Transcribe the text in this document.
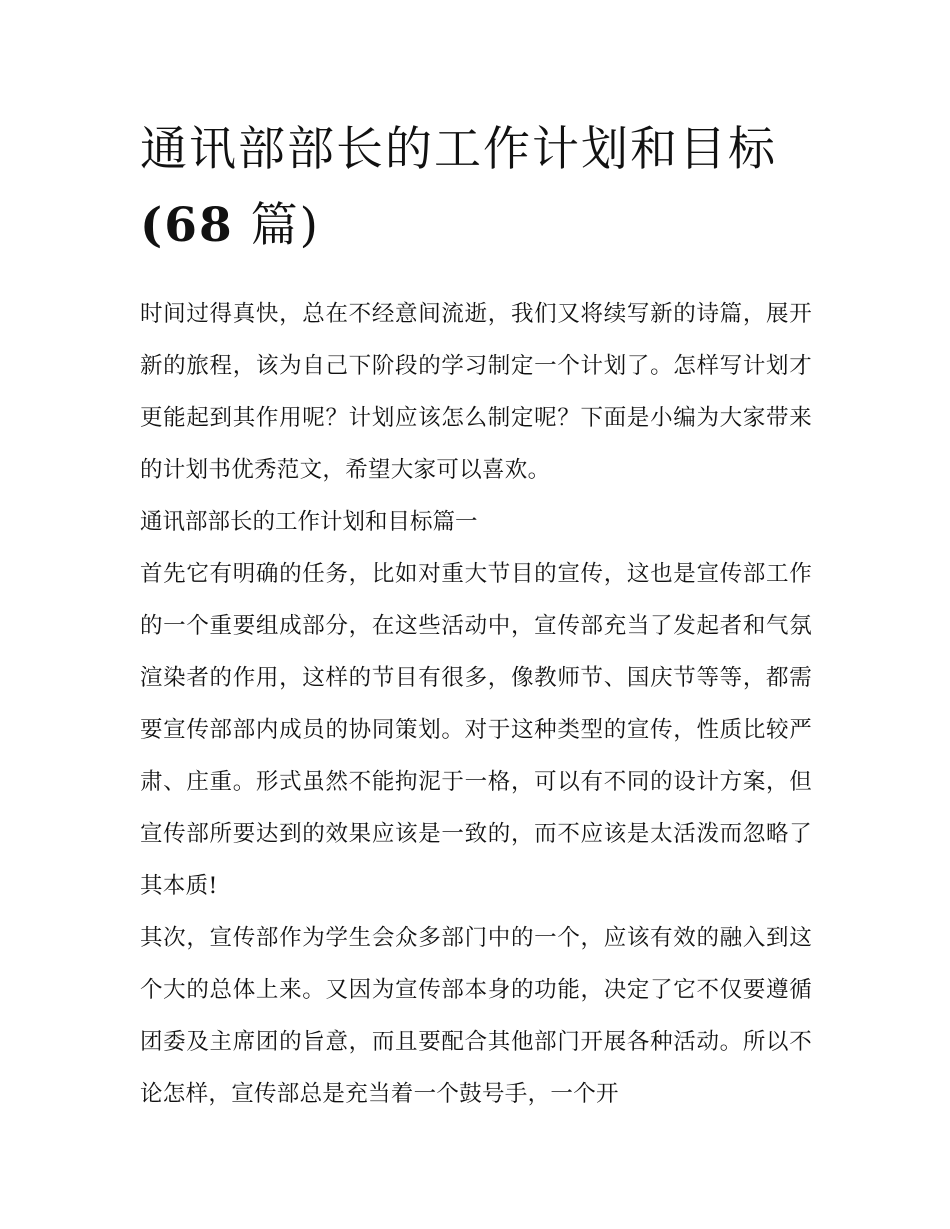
通讯部部长的工作计划和目标
(68 篇)

时间过得真快，总在不经意间流逝，我们又将续写新的诗篇，展开新的旅程，该为自己下阶段的学习制定一个计划了。怎样写计划才更能起到其作用呢？计划应该怎么制定呢？下面是小编为大家带来的计划书优秀范文，希望大家可以喜欢。

通讯部部长的工作计划和目标篇一

首先它有明确的任务，比如对重大节目的宣传，这也是宣传部工作的一个重要组成部分，在这些活动中，宣传部充当了发起者和气氛渲染者的作用，这样的节目有很多，像教师节、国庆节等等，都需要宣传部部内成员的协同策划。对于这种类型的宣传，性质比较严肃、庄重。形式虽然不能拘泥于一格，可以有不同的设计方案，但宣传部所要达到的效果应该是一致的，而不应该是太活泼而忽略了其本质!

其次，宣传部作为学生会众多部门中的一个，应该有效的融入到这个大的总体上来。又因为宣传部本身的功能，决定了它不仅要遵循团委及主席团的旨意，而且要配合其他部门开展各种活动。所以不论怎样，宣传部总是充当着一个鼓号手，一个开
